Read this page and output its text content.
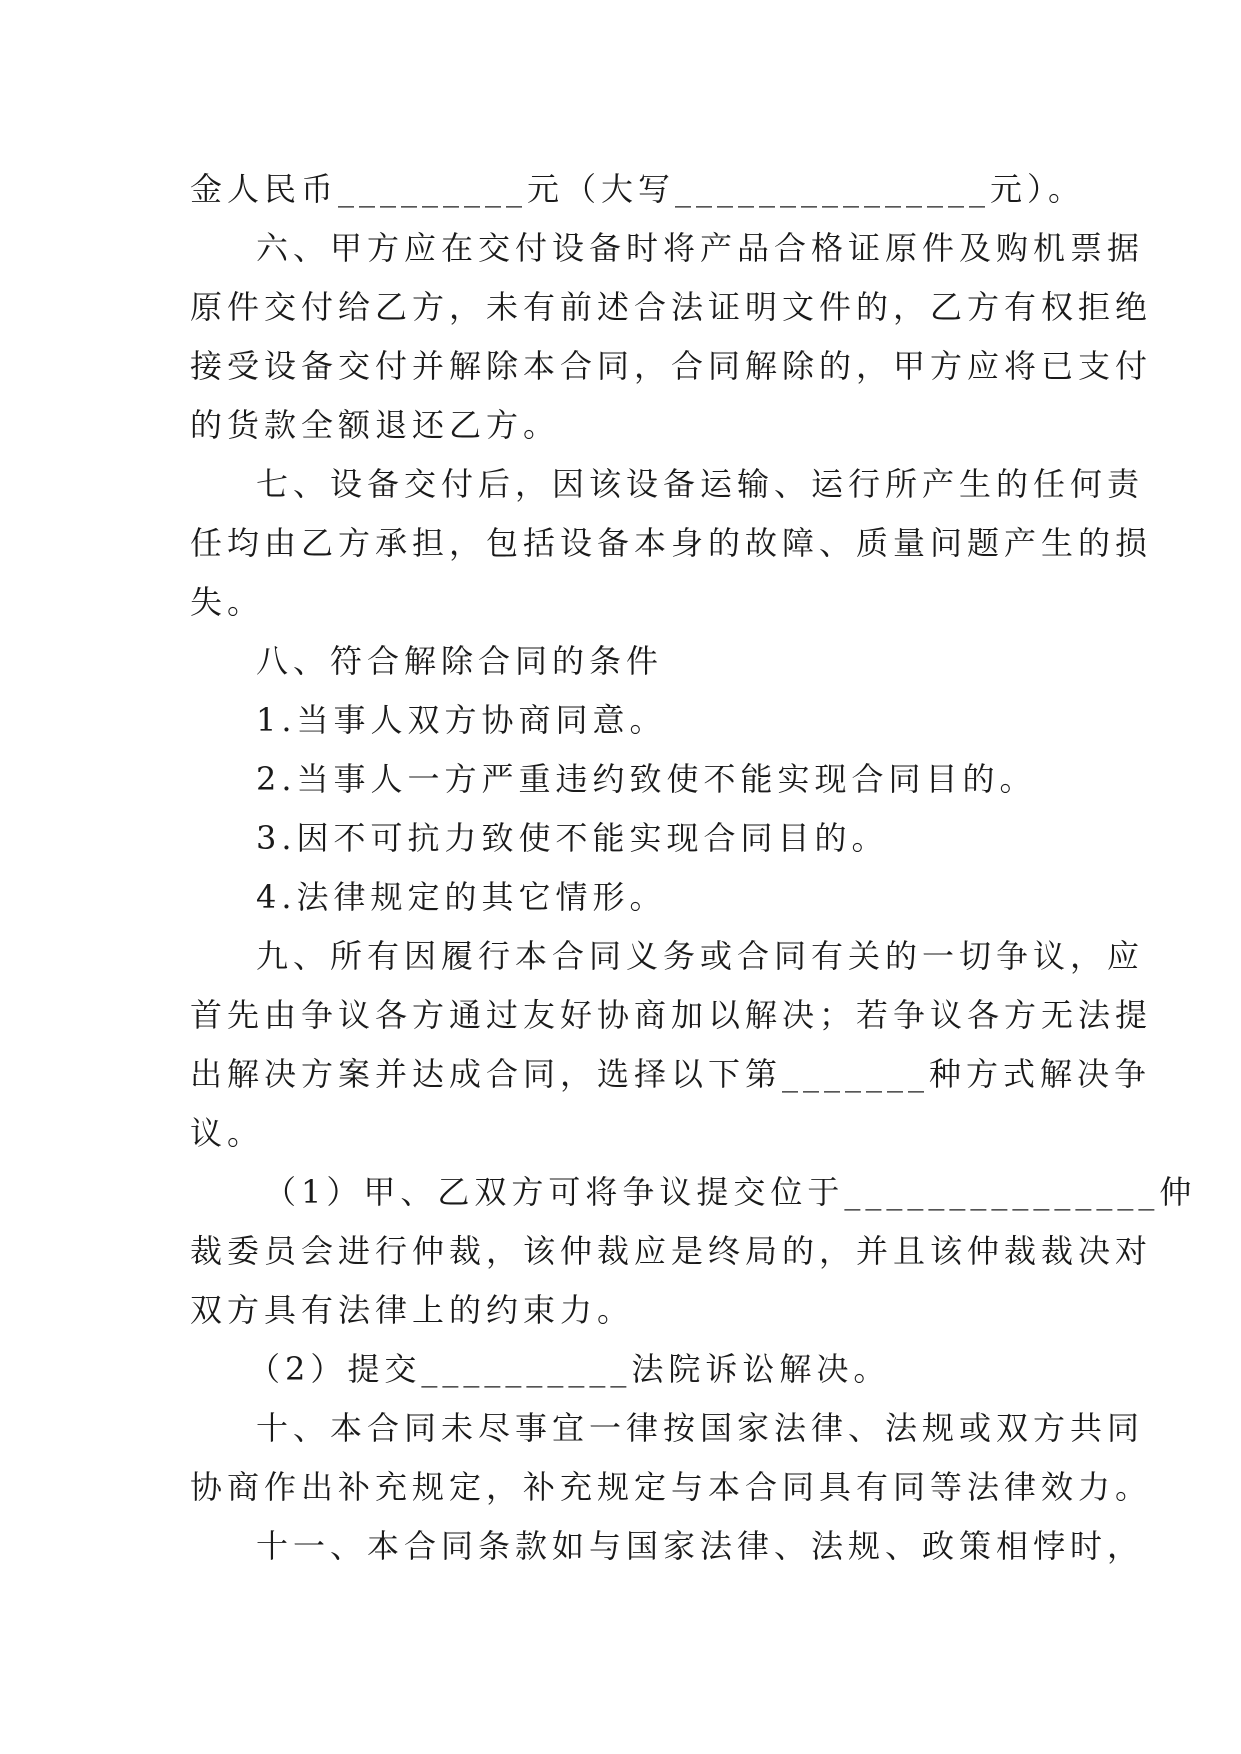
金人民币_________元（大写_______________元）。
六、甲方应在交付设备时将产品合格证原件及购机票据
原件交付给乙方，未有前述合法证明文件的，乙方有权拒绝
接受设备交付并解除本合同，合同解除的，甲方应将已支付
的货款全额退还乙方。
七、设备交付后，因该设备运输、运行所产生的任何责
任均由乙方承担，包括设备本身的故障、质量问题产生的损
失。
八、符合解除合同的条件
1.当事人双方协商同意。
2.当事人一方严重违约致使不能实现合同目的。
3.因不可抗力致使不能实现合同目的。
4.法律规定的其它情形。
九、所有因履行本合同义务或合同有关的一切争议，应
首先由争议各方通过友好协商加以解决；若争议各方无法提
出解决方案并达成合同，选择以下第_______种方式解决争
议。
（1）甲、乙双方可将争议提交位于_______________仲
裁委员会进行仲裁，该仲裁应是终局的，并且该仲裁裁决对
双方具有法律上的约束力。
（2）提交__________法院诉讼解决。
十、本合同未尽事宜一律按国家法律、法规或双方共同
协商作出补充规定，补充规定与本合同具有同等法律效力。
十一、本合同条款如与国家法律、法规、政策相悖时，
